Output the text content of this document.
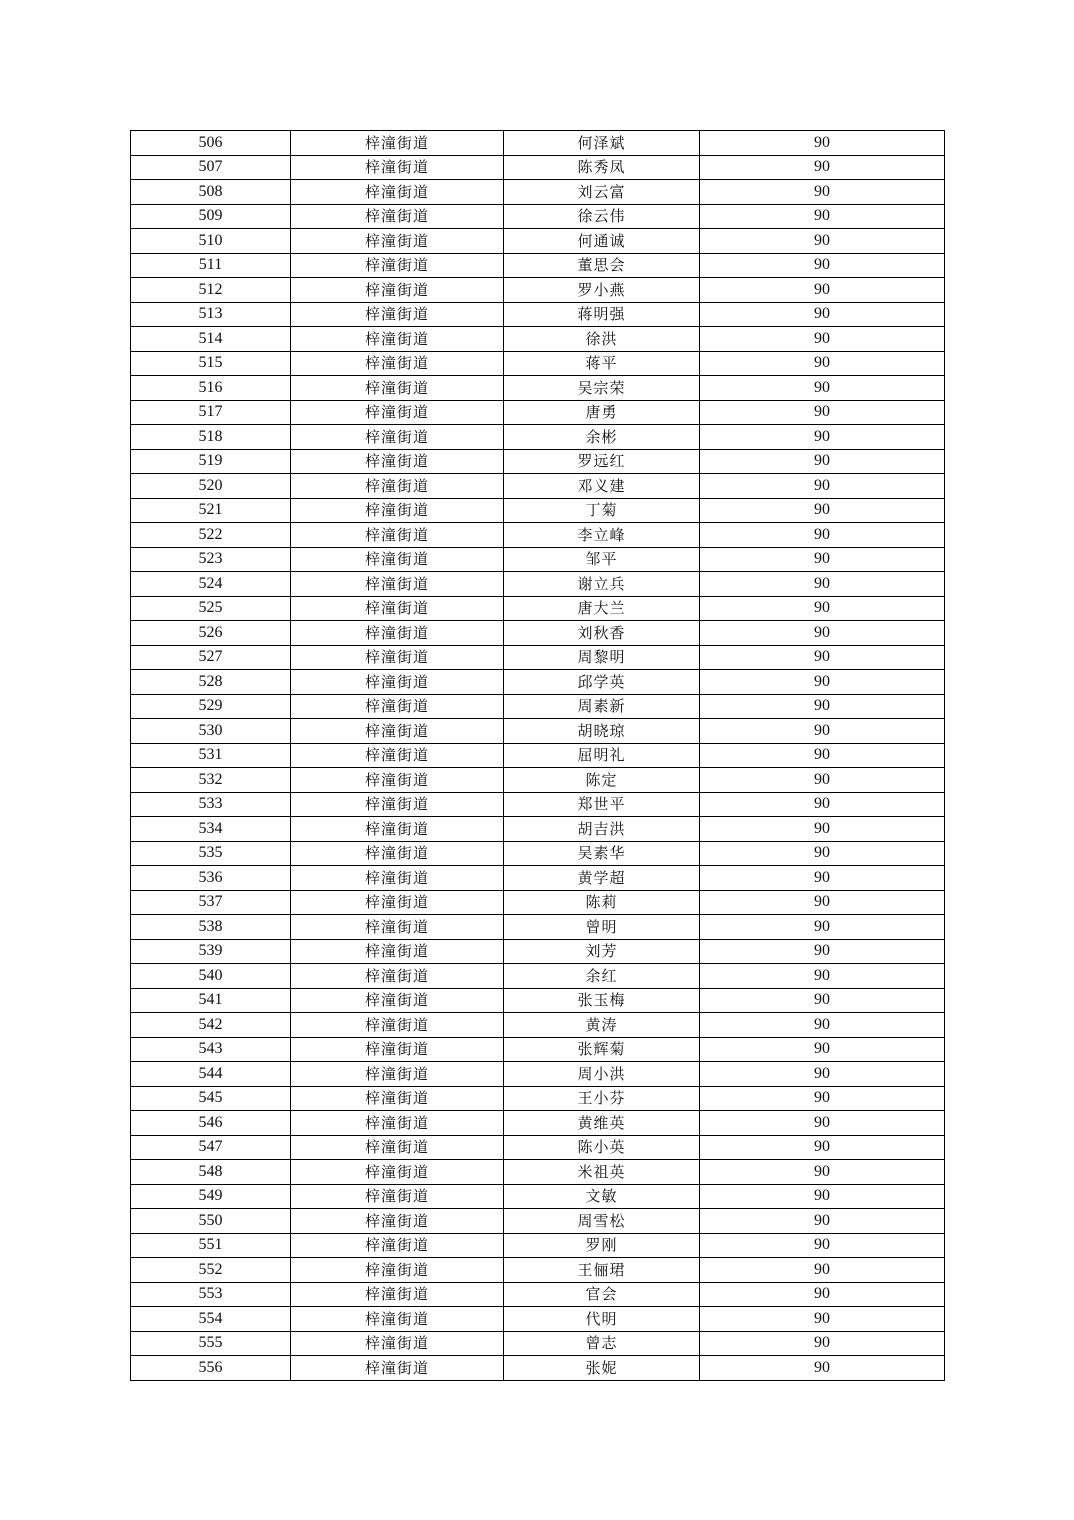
506	梓潼街道	何泽斌	90
507	梓潼街道	陈秀凤	90
508	梓潼街道	刘云富	90
509	梓潼街道	徐云伟	90
510	梓潼街道	何通诚	90
511	梓潼街道	董思会	90
512	梓潼街道	罗小燕	90
513	梓潼街道	蒋明强	90
514	梓潼街道	徐洪	90
515	梓潼街道	蒋平	90
516	梓潼街道	吴宗荣	90
517	梓潼街道	唐勇	90
518	梓潼街道	余彬	90
519	梓潼街道	罗远红	90
520	梓潼街道	邓义建	90
521	梓潼街道	丁菊	90
522	梓潼街道	李立峰	90
523	梓潼街道	邹平	90
524	梓潼街道	谢立兵	90
525	梓潼街道	唐大兰	90
526	梓潼街道	刘秋香	90
527	梓潼街道	周黎明	90
528	梓潼街道	邱学英	90
529	梓潼街道	周素新	90
530	梓潼街道	胡晓琼	90
531	梓潼街道	屈明礼	90
532	梓潼街道	陈定	90
533	梓潼街道	郑世平	90
534	梓潼街道	胡吉洪	90
535	梓潼街道	吴素华	90
536	梓潼街道	黄学超	90
537	梓潼街道	陈莉	90
538	梓潼街道	曾明	90
539	梓潼街道	刘芳	90
540	梓潼街道	余红	90
541	梓潼街道	张玉梅	90
542	梓潼街道	黄涛	90
543	梓潼街道	张辉菊	90
544	梓潼街道	周小洪	90
545	梓潼街道	王小芬	90
546	梓潼街道	黄维英	90
547	梓潼街道	陈小英	90
548	梓潼街道	米祖英	90
549	梓潼街道	文敏	90
550	梓潼街道	周雪松	90
551	梓潼街道	罗刚	90
552	梓潼街道	王俪珺	90
553	梓潼街道	官会	90
554	梓潼街道	代明	90
555	梓潼街道	曾志	90
556	梓潼街道	张妮	90
